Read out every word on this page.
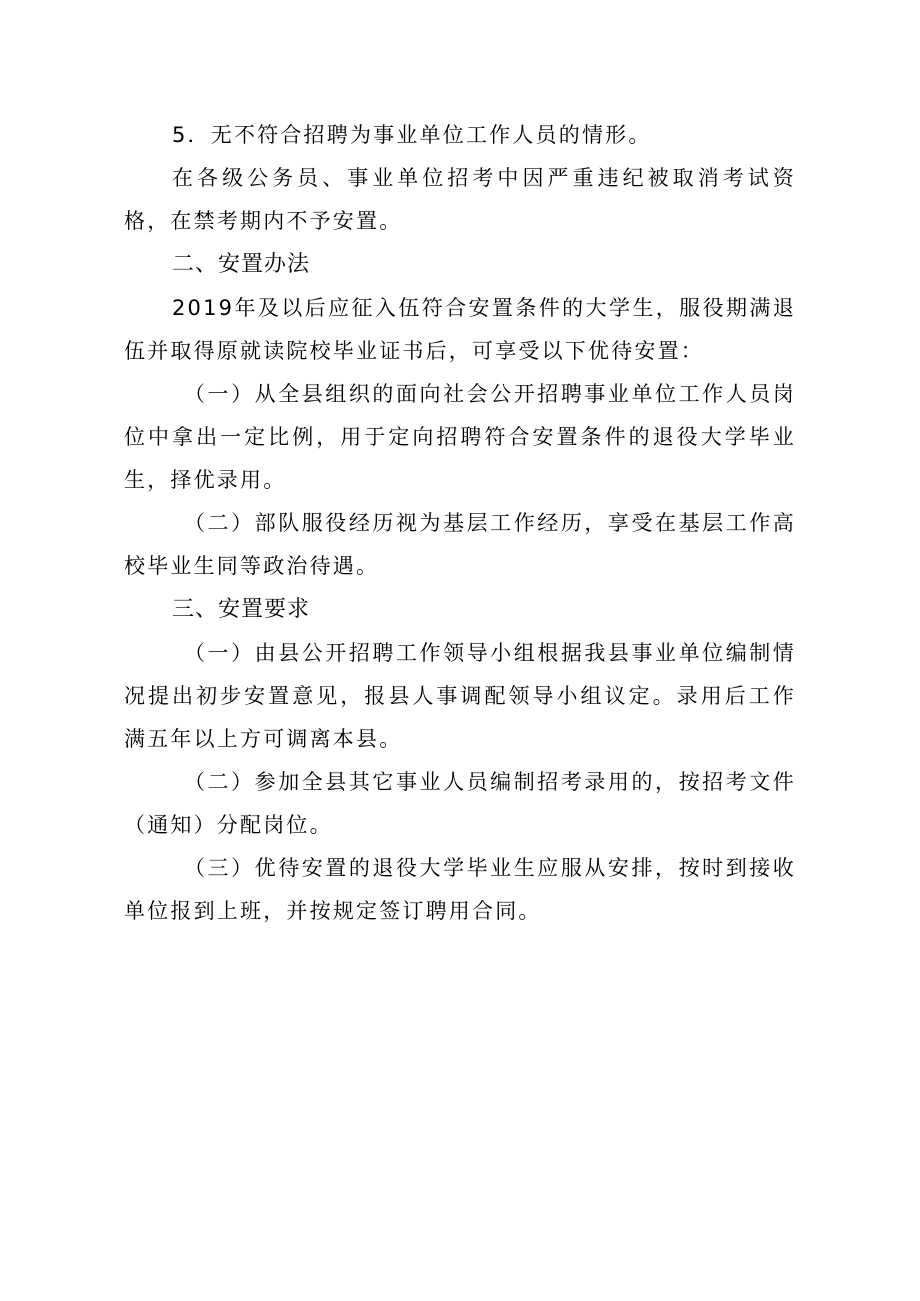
5．无不符合招聘为事业单位工作人员的情形。

在各级公务员、事业单位招考中因严重违纪被取消考试资格，在禁考期内不予安置。

二、安置办法

2019年及以后应征入伍符合安置条件的大学生，服役期满退伍并取得原就读院校毕业证书后，可享受以下优待安置：

（一）从全县组织的面向社会公开招聘事业单位工作人员岗位中拿出一定比例，用于定向招聘符合安置条件的退役大学毕业生，择优录用。

（二）部队服役经历视为基层工作经历，享受在基层工作高校毕业生同等政治待遇。

三、安置要求

（一）由县公开招聘工作领导小组根据我县事业单位编制情况提出初步安置意见，报县人事调配领导小组议定。录用后工作满五年以上方可调离本县。

（二）参加全县其它事业人员编制招考录用的，按招考文件（通知）分配岗位。

（三）优待安置的退役大学毕业生应服从安排，按时到接收单位报到上班，并按规定签订聘用合同。
